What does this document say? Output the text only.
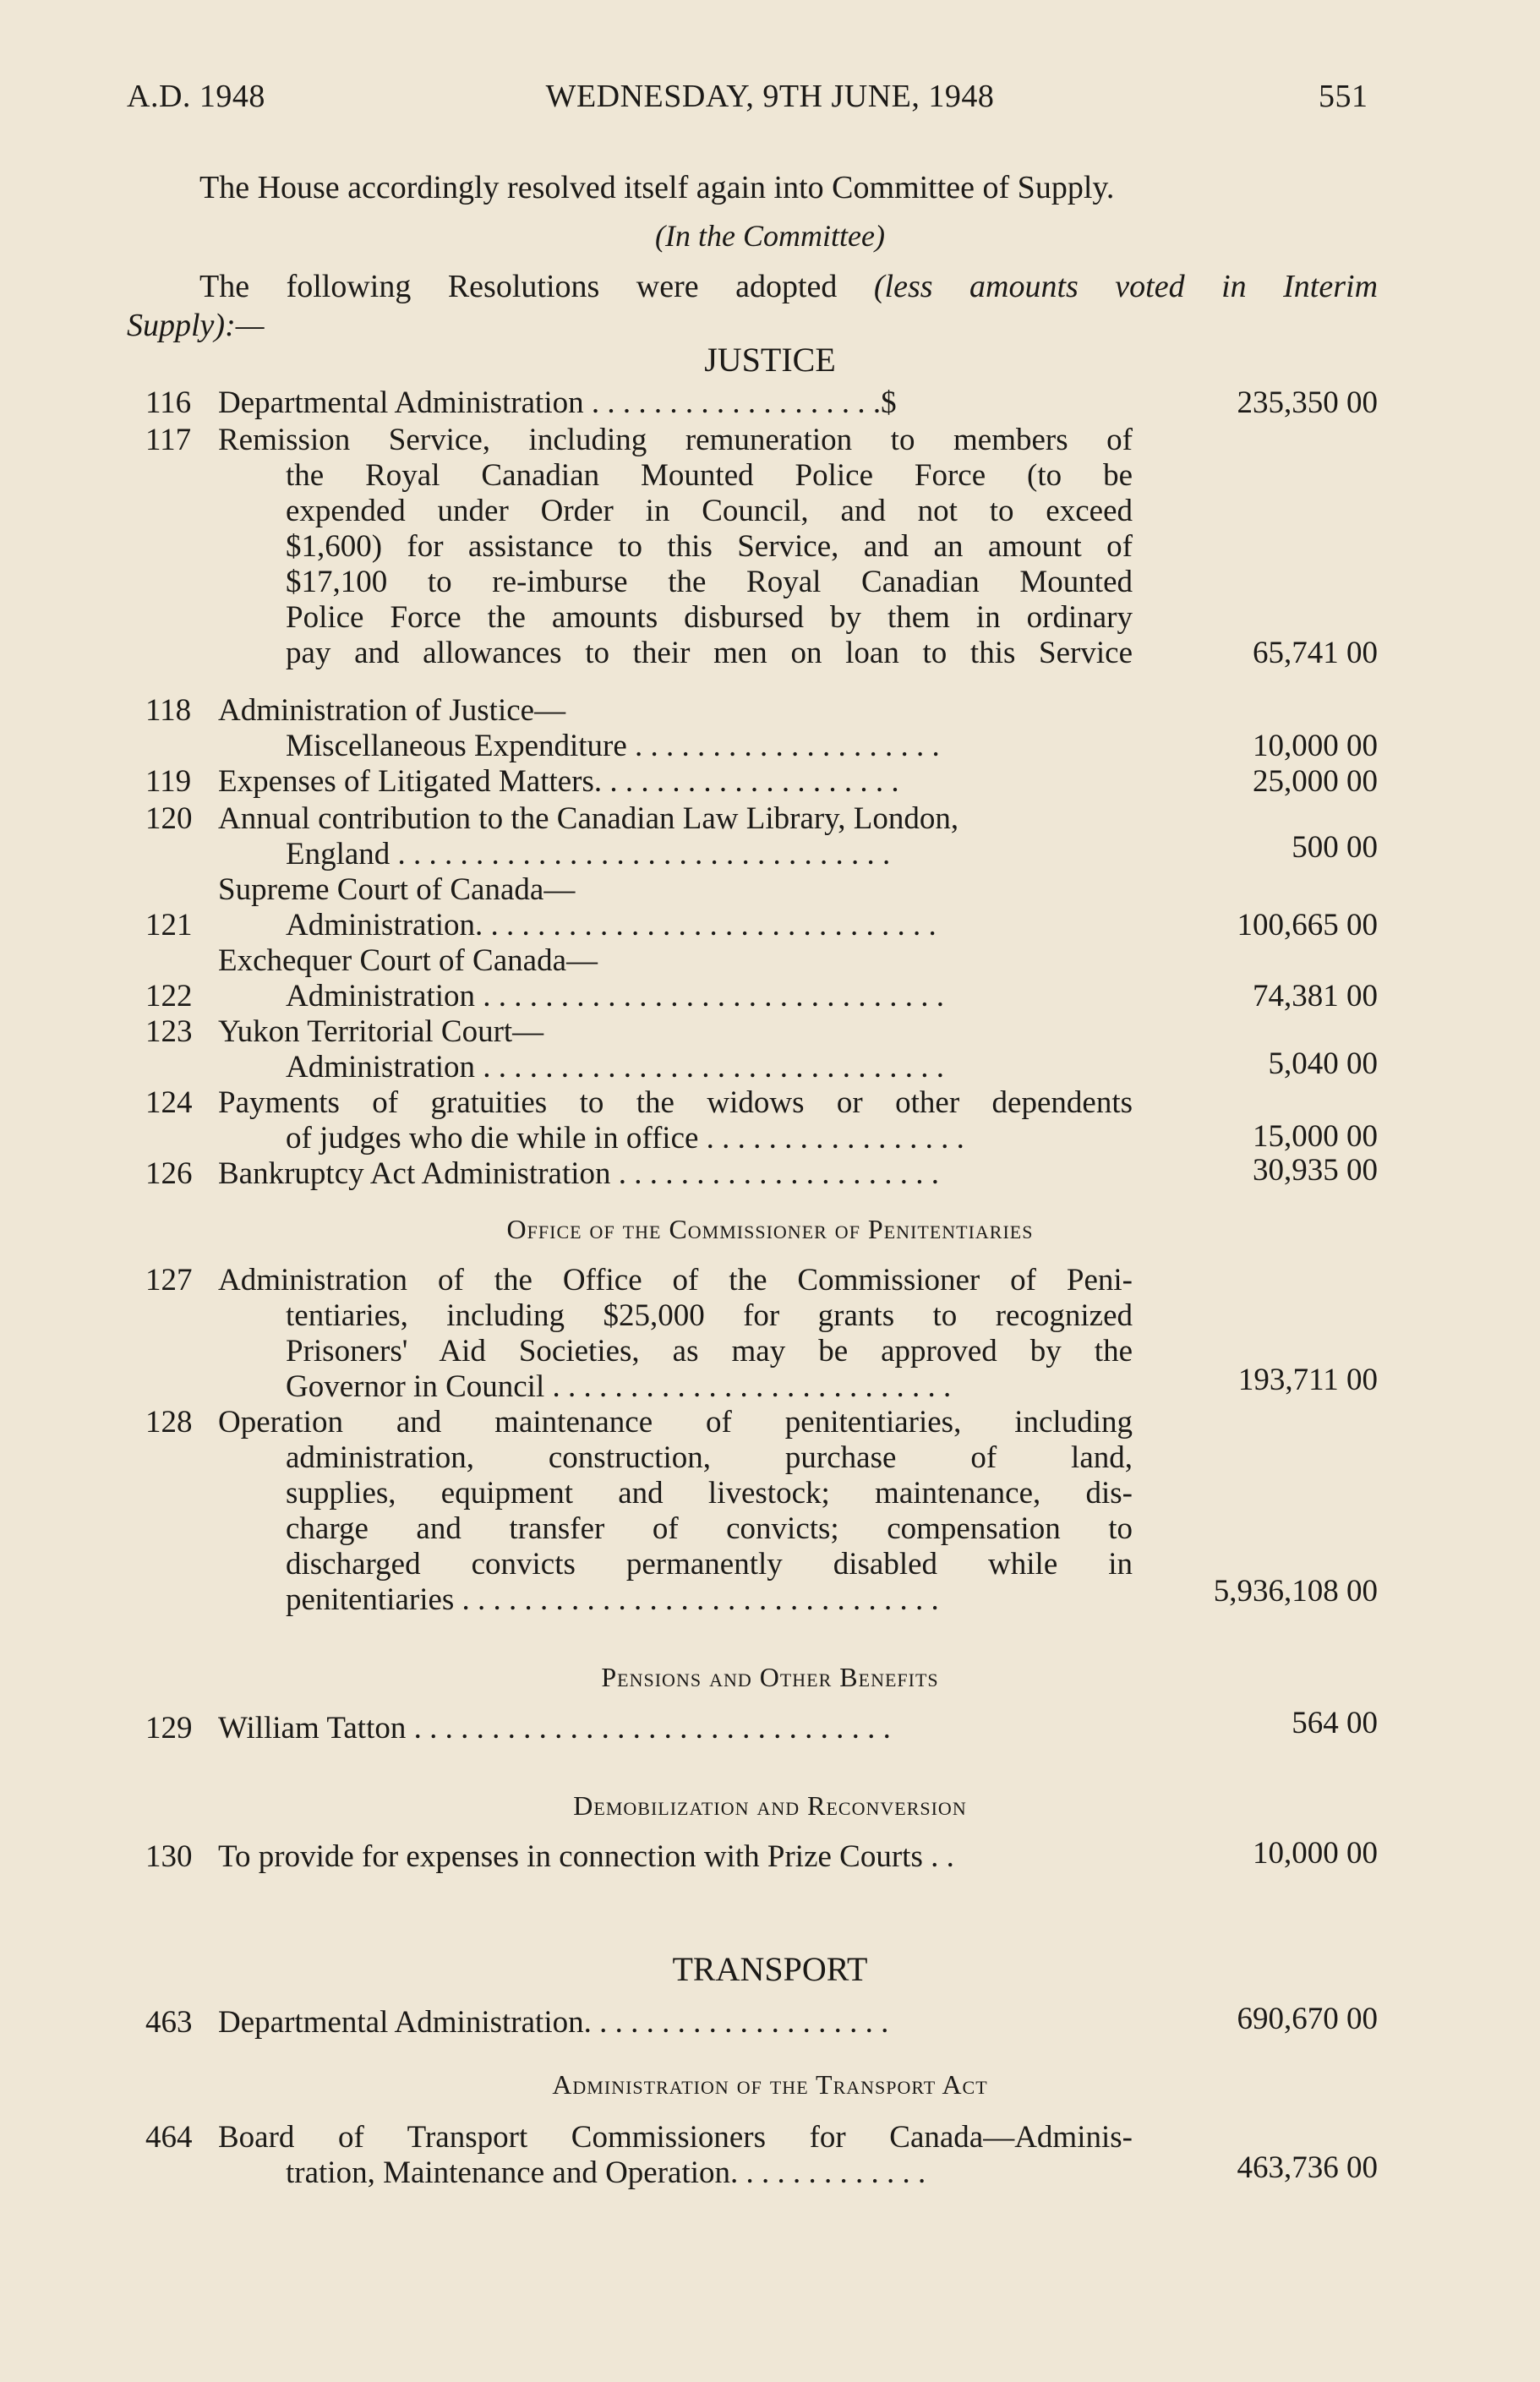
A.D. 1948	WEDNESDAY, 9TH JUNE, 1948	551
The House accordingly resolved itself again into Committee of Supply.
(In the Committee)
The following Resolutions were adopted (less amounts voted in Interim
Supply):—
JUSTICE
116 Departmental Administration . . . . . . . . . . . . . . . . . . .$	235,350 00
117 Remission Service, including remuneration to members of
the Royal Canadian Mounted Police Force (to be
expended under Order in Council, and not to exceed
$1,600) for assistance to this Service, and an amount of
$17,100 to re-imburse the Royal Canadian Mounted
Police Force the amounts disbursed by them in ordinary
pay and allowances to their men on loan to this Service	65,741 00
118 Administration of Justice—
Miscellaneous Expenditure . . . . . . . . . . . . . . . . . . . .	10,000 00
119 Expenses of Litigated Matters. . . . . . . . . . . . . . . . . . . .	25,000 00
120 Annual contribution to the Canadian Law Library, London,
England . . . . . . . . . . . . . . . . . . . . . . . . . . . . . . . .	500 00
Supreme Court of Canada—
121	Administration. . . . . . . . . . . . . . . . . . . . . . . . . . . . . .	100,665 00
Exchequer Court of Canada—
122	Administration . . . . . . . . . . . . . . . . . . . . . . . . . . . . . .	74,381 00
123 Yukon Territorial Court—
Administration . . . . . . . . . . . . . . . . . . . . . . . . . . . . . .	5,040 00
124 Payments of gratuities to the widows or other dependents
of judges who die while in office . . . . . . . . . . . . . . . . .	15,000 00
126 Bankruptcy Act Administration . . . . . . . . . . . . . . . . . . . . .	30,935 00
Office of the Commissioner of Penitentiaries
127 Administration of the Office of the Commissioner of Peni-
tentiaries, including $25,000 for grants to recognized
Prisoners' Aid Societies, as may be approved by the
Governor in Council . . . . . . . . . . . . . . . . . . . . . . . . . .	193,711 00
128 Operation and maintenance of penitentiaries, including
administration, construction, purchase of land,
supplies, equipment and livestock; maintenance, dis-
charge and transfer of convicts; compensation to
discharged convicts permanently disabled while in
penitentiaries . . . . . . . . . . . . . . . . . . . . . . . . . . . . . . .	5,936,108 00
Pensions and Other Benefits
129 William Tatton . . . . . . . . . . . . . . . . . . . . . . . . . . . . . . .	564 00
Demobilization and Reconversion
130 To provide for expenses in connection with Prize Courts . .	10,000 00
TRANSPORT
463 Departmental Administration. . . . . . . . . . . . . . . . . . . .	690,670 00
Administration of the Transport Act
464 Board of Transport Commissioners for Canada—Adminis-
tration, Maintenance and Operation. . . . . . . . . . . . .	463,736 00
